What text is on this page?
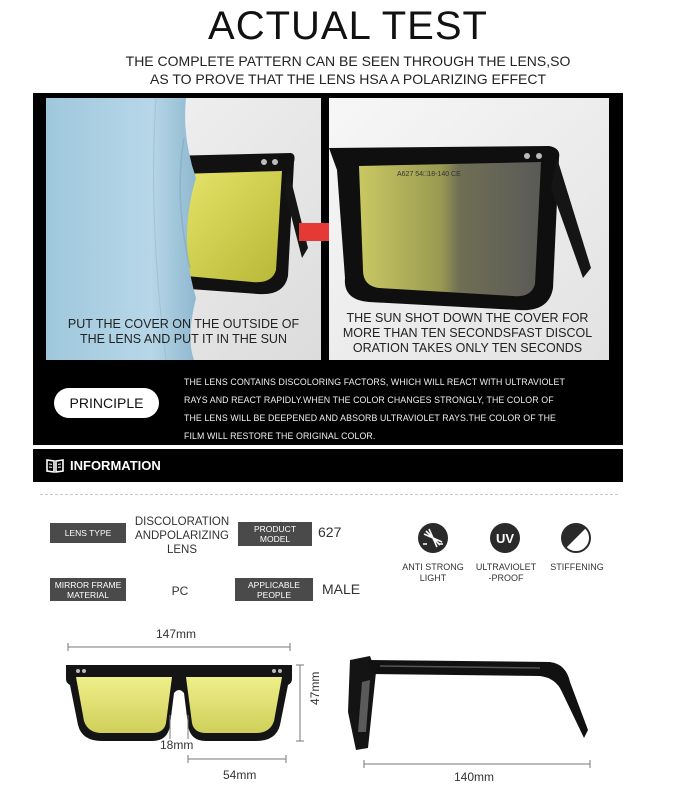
ACTUAL TEST
THE COMPLETE PATTERN CAN BE SEEN THROUGH THE LENS,SO
AS TO PROVE THAT THE LENS HSA A POLARIZING EFFECT
PUT THE COVER ON THE OUTSIDE OF
THE LENS AND PUT IT IN THE SUN
A627 54□18-140 CE
THE SUN SHOT DOWN THE COVER FOR
MORE THAN TEN SECONDSFAST DISCOL
ORATION TAKES ONLY TEN SECONDS
PRINCIPLE
THE LENS CONTAINS DISCOLORING FACTORS, WHICH WILL REACT WITH ULTRAVIOLET
RAYS AND REACT RAPIDLY.WHEN THE COLOR CHANGES STRONGLY, THE COLOR OF
THE LENS WILL BE DEEPENED AND ABSORB ULTRAVIOLET RAYS.THE COLOR OF THE
FILM WILL RESTORE THE ORIGINAL COLOR.
INFORMATION
LENS TYPE
DISCOLORATION
ANDPOLARIZING
LENS
PRODUCT
MODEL 627
MIRROR FRAME
MATERIAL	PC	APPLICABLE
PEOPLE MALE
ANTI STRONG
LIGHT
UV
ULTRAVIOLET
-PROOF
STIFFENING
147mm
18mm
54mm
47mm
140mm
